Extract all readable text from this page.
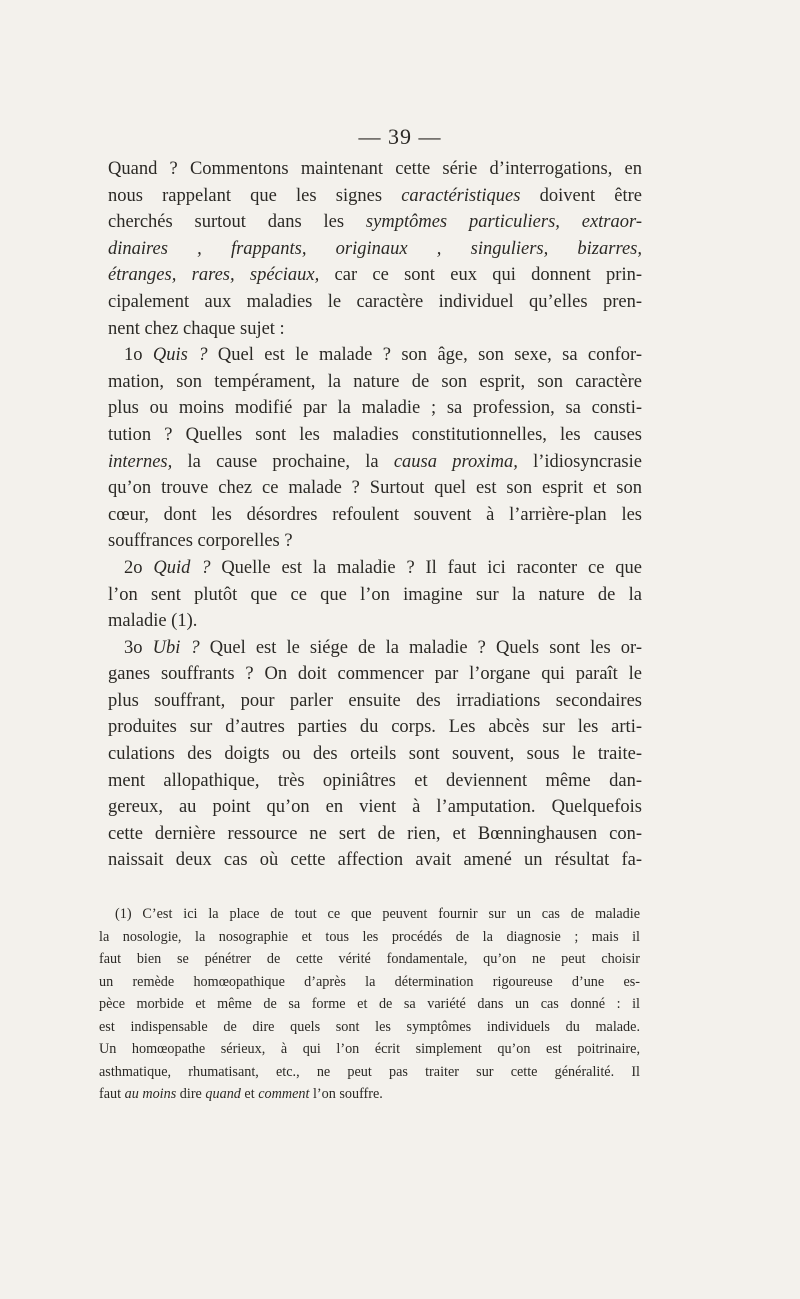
— 39 —
Quand ? Commentons maintenant cette série d’interrogations, en
nous rappelant que les signes caractéristiques doivent être
cherchés surtout dans les symptômes particuliers, extraor-
dinaires , frappants, originaux , singuliers, bizarres,
étranges, rares, spéciaux, car ce sont eux qui donnent prin-
cipalement aux maladies le caractère individuel qu’elles pren-
nent chez chaque sujet :
1o Quis ? Quel est le malade ? son âge, son sexe, sa confor-
mation, son tempérament, la nature de son esprit, son caractère
plus ou moins modifié par la maladie ; sa profession, sa consti-
tution ? Quelles sont les maladies constitutionnelles, les causes
internes, la cause prochaine, la causa proxima, l’idiosyncrasie
qu’on trouve chez ce malade ? Surtout quel est son esprit et son
cœur, dont les désordres refoulent souvent à l’arrière-plan les
souffrances corporelles ?
2o Quid ? Quelle est la maladie ? Il faut ici raconter ce que
l’on sent plutôt que ce que l’on imagine sur la nature de la
maladie (1).
3o Ubi ? Quel est le siége de la maladie ? Quels sont les or-
ganes souffrants ? On doit commencer par l’organe qui paraît le
plus souffrant, pour parler ensuite des irradiations secondaires
produites sur d’autres parties du corps. Les abcès sur les arti-
culations des doigts ou des orteils sont souvent, sous le traite-
ment allopathique, très opiniâtres et deviennent même dan-
gereux, au point qu’on en vient à l’amputation. Quelquefois
cette dernière ressource ne sert de rien, et Bœnninghausen con-
naissait deux cas où cette affection avait amené un résultat fa-
(1) C’est ici la place de tout ce que peuvent fournir sur un cas de maladie
la nosologie, la nosographie et tous les procédés de la diagnosie ; mais il
faut bien se pénétrer de cette vérité fondamentale, qu’on ne peut choisir
un remède homœopathique d’après la détermination rigoureuse d’une es-
pèce morbide et même de sa forme et de sa variété dans un cas donné : il
est indispensable de dire quels sont les symptômes individuels du malade.
Un homœopathe sérieux, à qui l’on écrit simplement qu’on est poitrinaire,
asthmatique, rhumatisant, etc., ne peut pas traiter sur cette généralité. Il
faut au moins dire quand et comment l’on souffre.
